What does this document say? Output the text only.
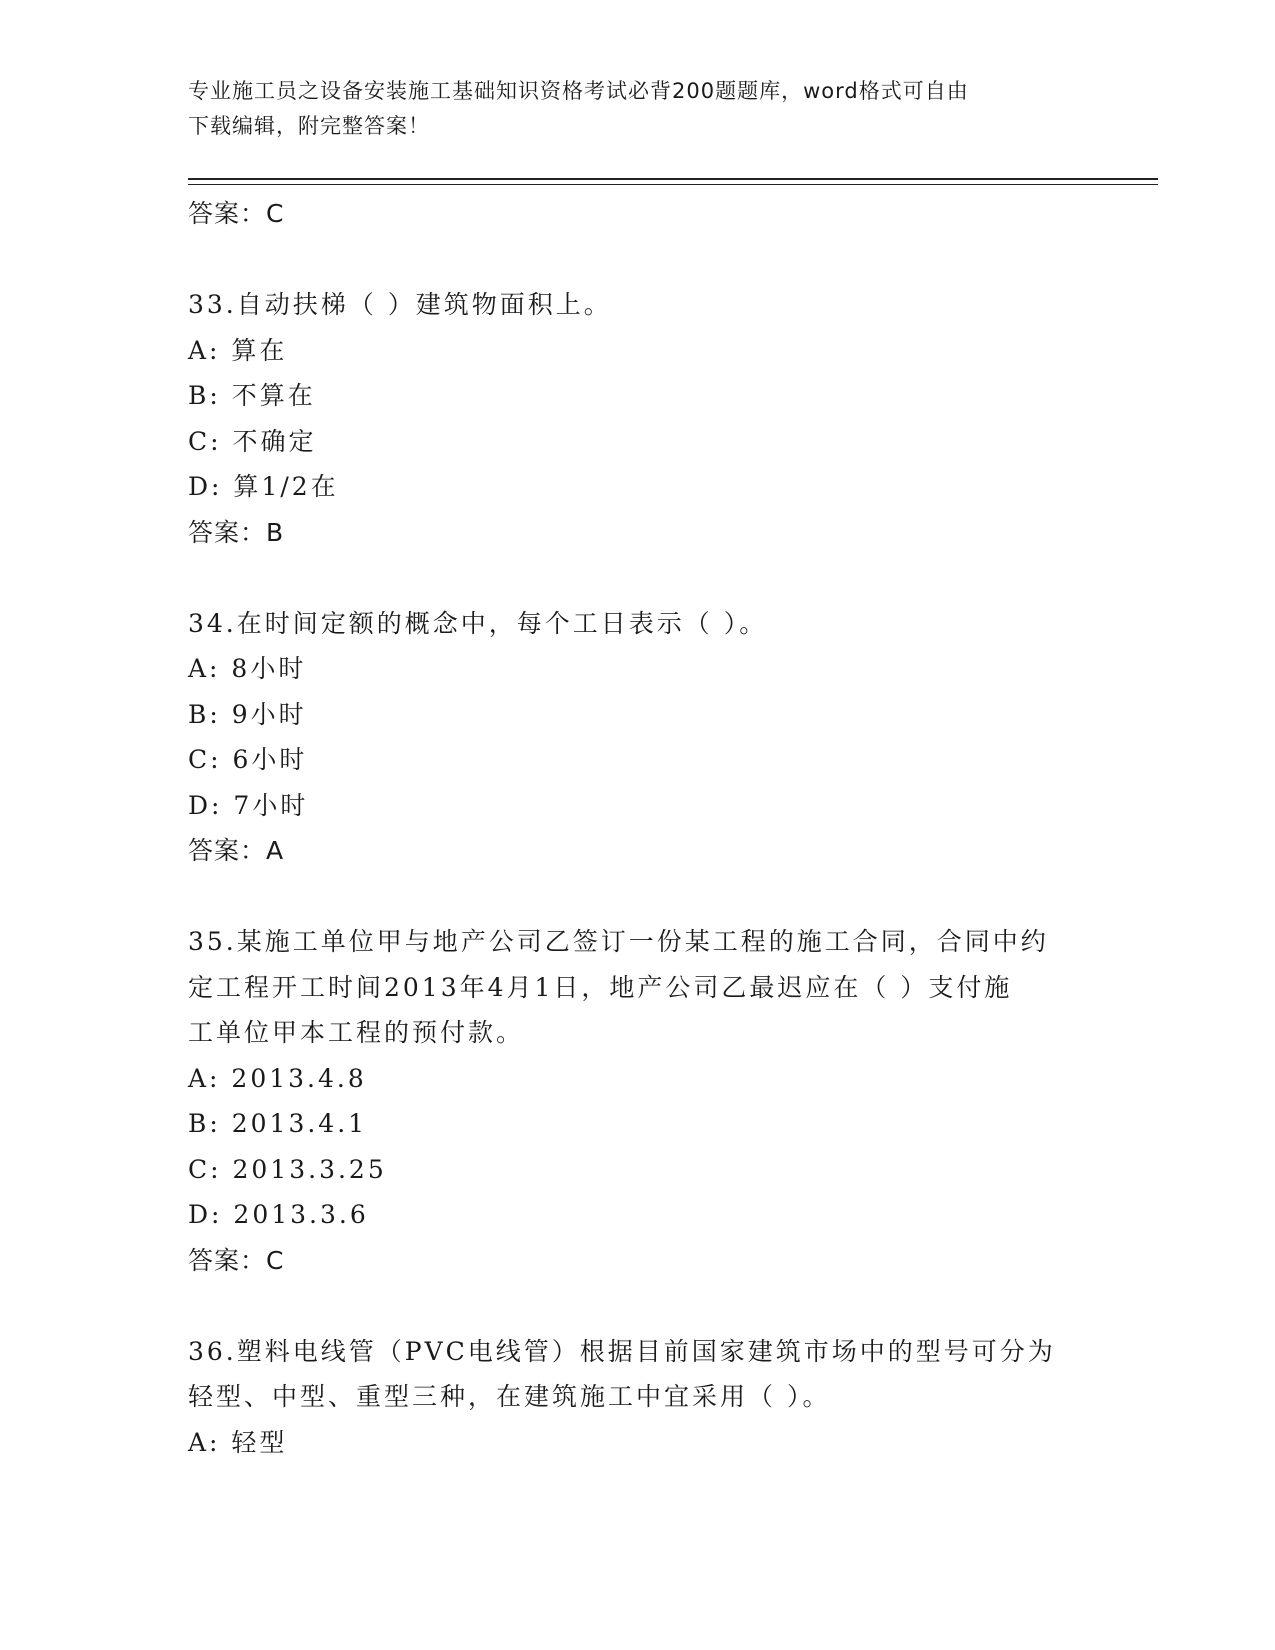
专业施工员之设备安装施工基础知识资格考试必背200题题库，word格式可自由
下载编辑，附完整答案！
答案：C
33.自动扶梯（ ）建筑物面积上。
A: 算在
B: 不算在
C: 不确定
D: 算1/2在
答案：B
34.在时间定额的概念中，每个工日表示（ ）。
A: 8小时
B: 9小时
C: 6小时
D: 7小时
答案：A
35.某施工单位甲与地产公司乙签订一份某工程的施工合同，合同中约
定工程开工时间2013年4月1日，地产公司乙最迟应在（ ）支付施
工单位甲本工程的预付款。
A: 2013.4.8
B: 2013.4.1
C: 2013.3.25
D: 2013.3.6
答案：C
36.塑料电线管（PVC电线管）根据目前国家建筑市场中的型号可分为
轻型、中型、重型三种，在建筑施工中宜采用（ ）。
A: 轻型
